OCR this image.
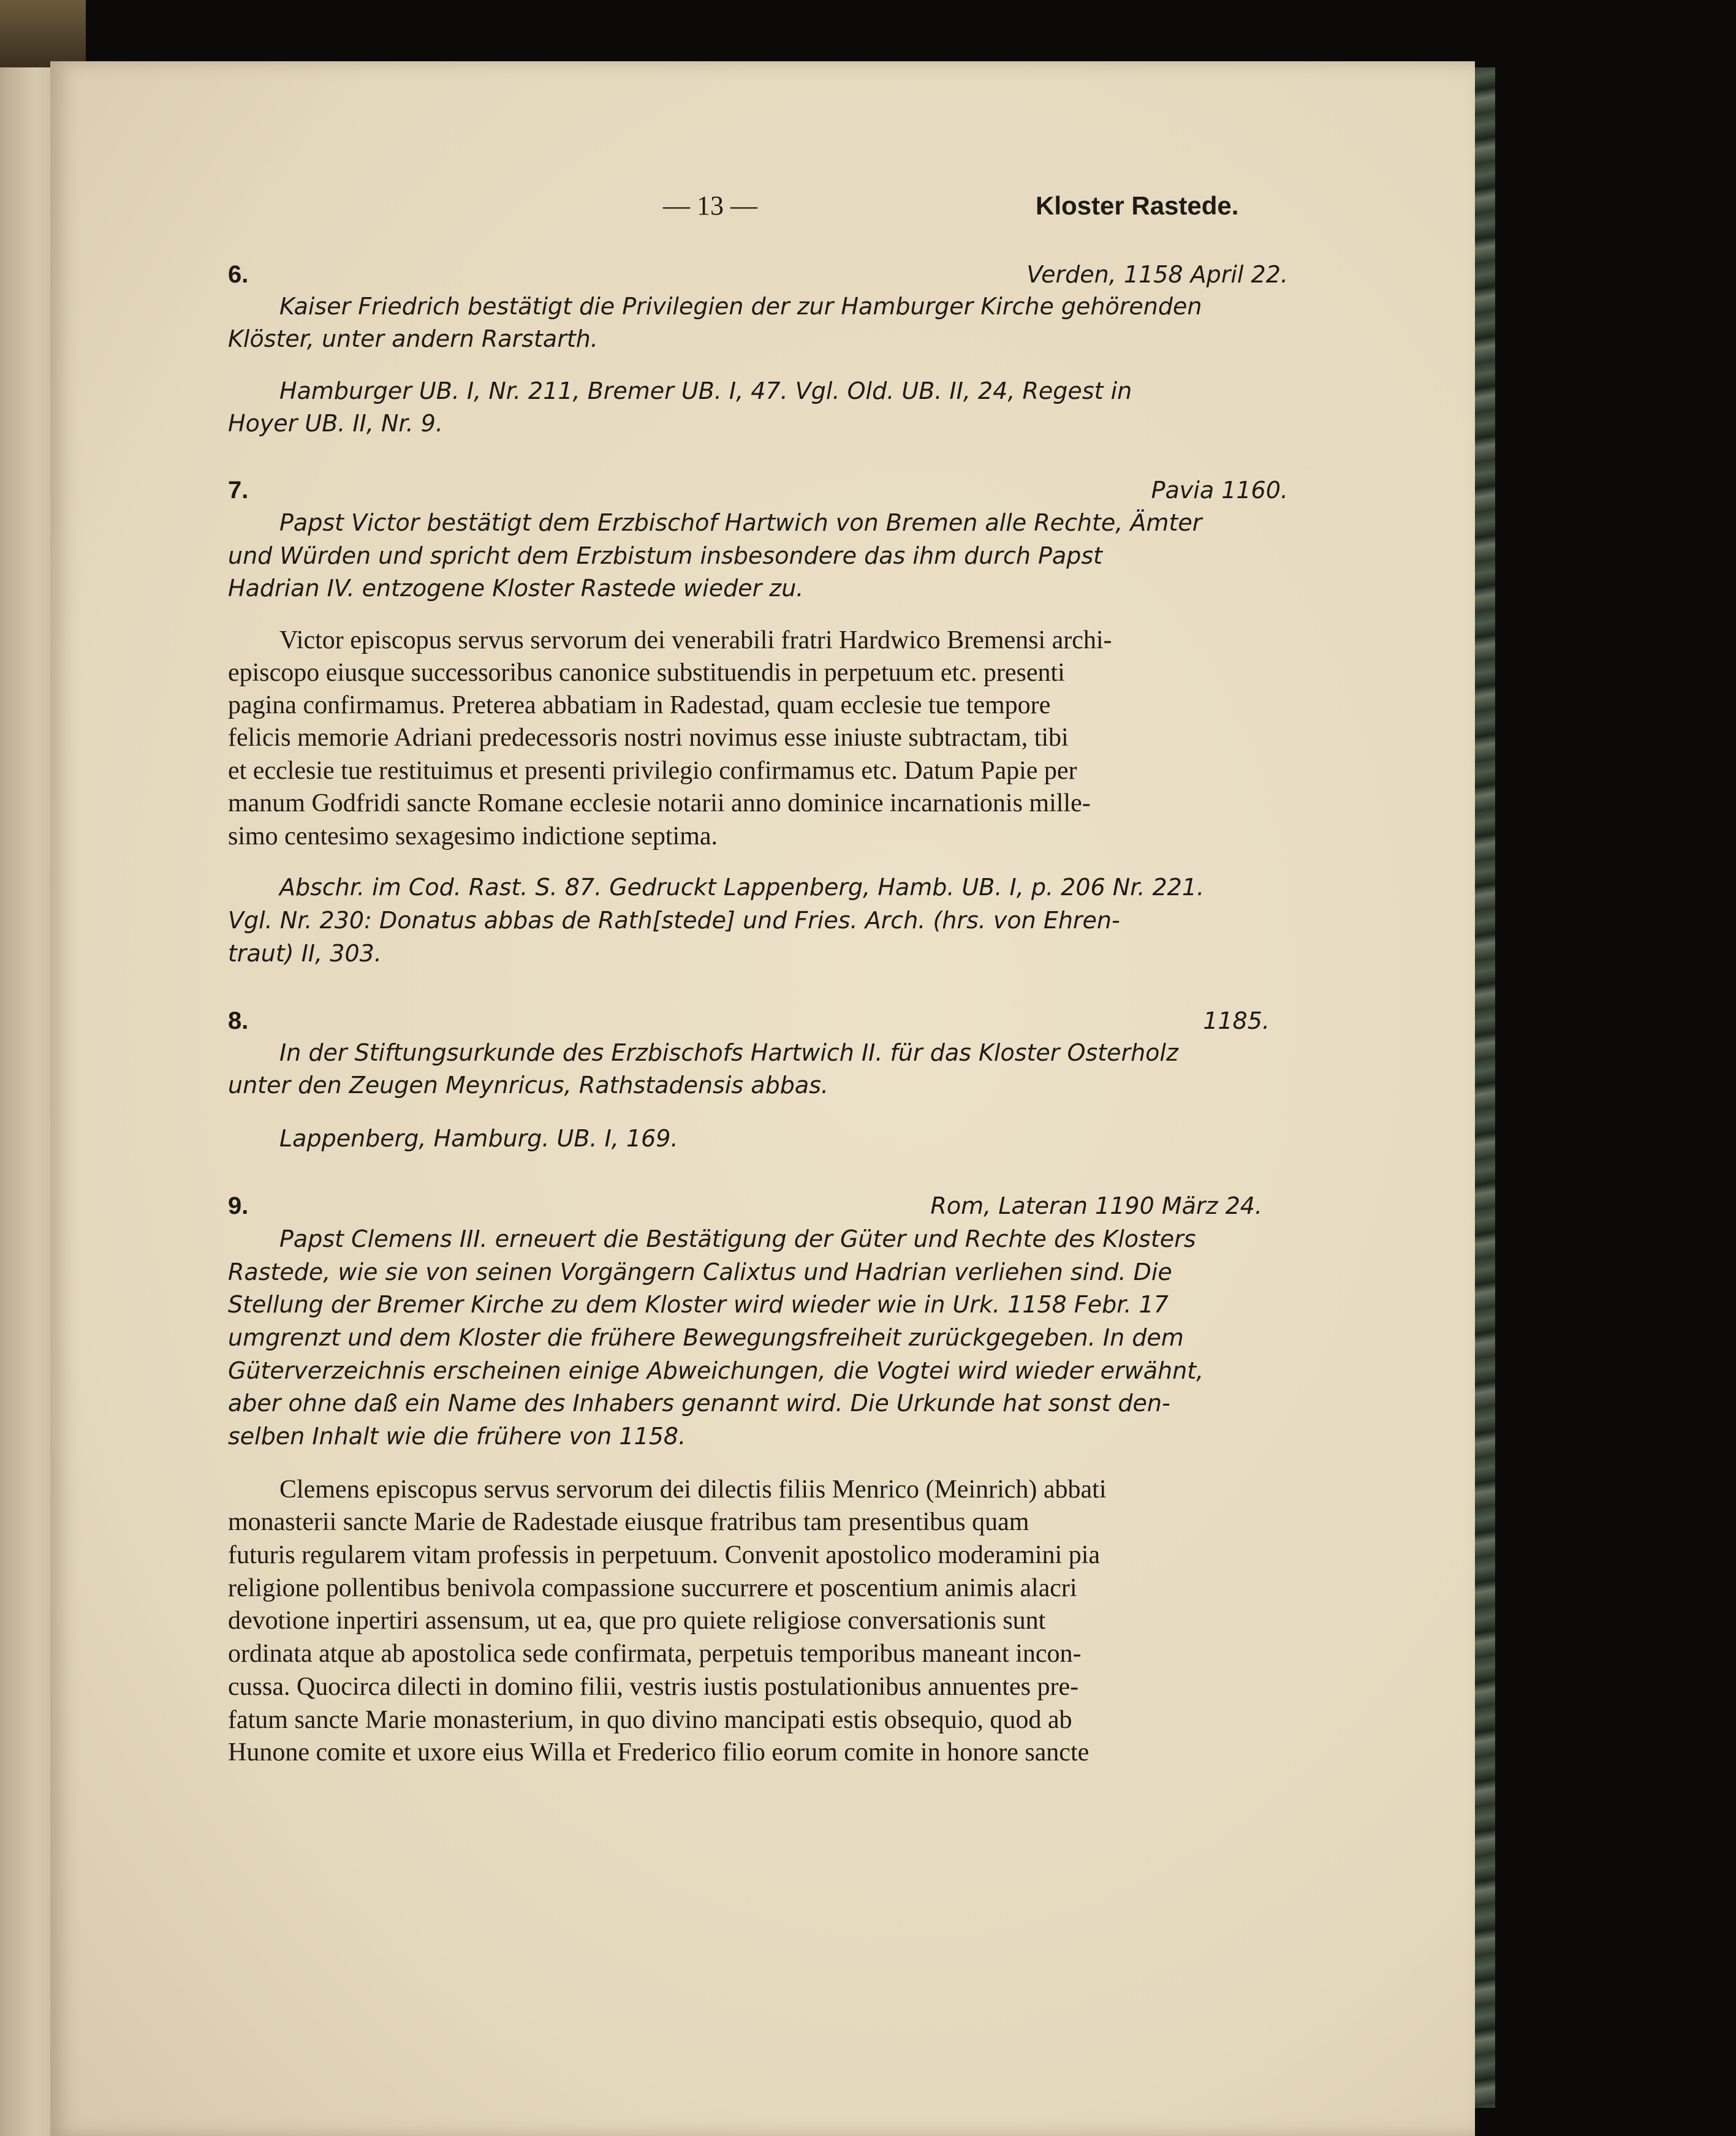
— 13 —	Kloster Rastede.
6.	Verden, 1158 April 22.
Kaiser Friedrich bestätigt die Privilegien der zur Hamburger Kirche gehörenden
Klöster, unter andern Rarstarth.
Hamburger UB. I, Nr. 211, Bremer UB. I, 47. Vgl. Old. UB. II, 24, Regest in
Hoyer UB. II, Nr. 9.
7.	Pavia 1160.
Papst Victor bestätigt dem Erzbischof Hartwich von Bremen alle Rechte, Ämter
und Würden und spricht dem Erzbistum insbesondere das ihm durch Papst
Hadrian IV. entzogene Kloster Rastede wieder zu.
Victor episcopus servus servorum dei venerabili fratri Hardwico Bremensi archi-
episcopo eiusque successoribus canonice substituendis in perpetuum etc. presenti
pagina confirmamus. Preterea abbatiam in Radestad, quam ecclesie tue tempore
felicis memorie Adriani predecessoris nostri novimus esse iniuste subtractam, tibi
et ecclesie tue restituimus et presenti privilegio confirmamus etc. Datum Papie per
manum Godfridi sancte Romane ecclesie notarii anno dominice incarnationis mille-
simo centesimo sexagesimo indictione septima.
Abschr. im Cod. Rast. S. 87. Gedruckt Lappenberg, Hamb. UB. I, p. 206 Nr. 221.
Vgl. Nr. 230: Donatus abbas de Rath[stede] und Fries. Arch. (hrs. von Ehren-
traut) II, 303.
8.	1185.
In der Stiftungsurkunde des Erzbischofs Hartwich II. für das Kloster Osterholz
unter den Zeugen Meynricus, Rathstadensis abbas.
Lappenberg, Hamburg. UB. I, 169.
9.	Rom, Lateran 1190 März 24.
Papst Clemens III. erneuert die Bestätigung der Güter und Rechte des Klosters
Rastede, wie sie von seinen Vorgängern Calixtus und Hadrian verliehen sind. Die
Stellung der Bremer Kirche zu dem Kloster wird wieder wie in Urk. 1158 Febr. 17
umgrenzt und dem Kloster die frühere Bewegungsfreiheit zurückgegeben. In dem
Güterverzeichnis erscheinen einige Abweichungen, die Vogtei wird wieder erwähnt,
aber ohne daß ein Name des Inhabers genannt wird. Die Urkunde hat sonst den-
selben Inhalt wie die frühere von 1158.
Clemens episcopus servus servorum dei dilectis filiis Menrico (Meinrich) abbati
monasterii sancte Marie de Radestade eiusque fratribus tam presentibus quam
futuris regularem vitam professis in perpetuum. Convenit apostolico moderamini pia
religione pollentibus benivola compassione succurrere et poscentium animis alacri
devotione inpertiri assensum, ut ea, que pro quiete religiose conversationis sunt
ordinata atque ab apostolica sede confirmata, perpetuis temporibus maneant incon-
cussa. Quocirca dilecti in domino filii, vestris iustis postulationibus annuentes pre-
fatum sancte Marie monasterium, in quo divino mancipati estis obsequio, quod ab
Hunone comite et uxore eius Willa et Frederico filio eorum comite in honore sancte
